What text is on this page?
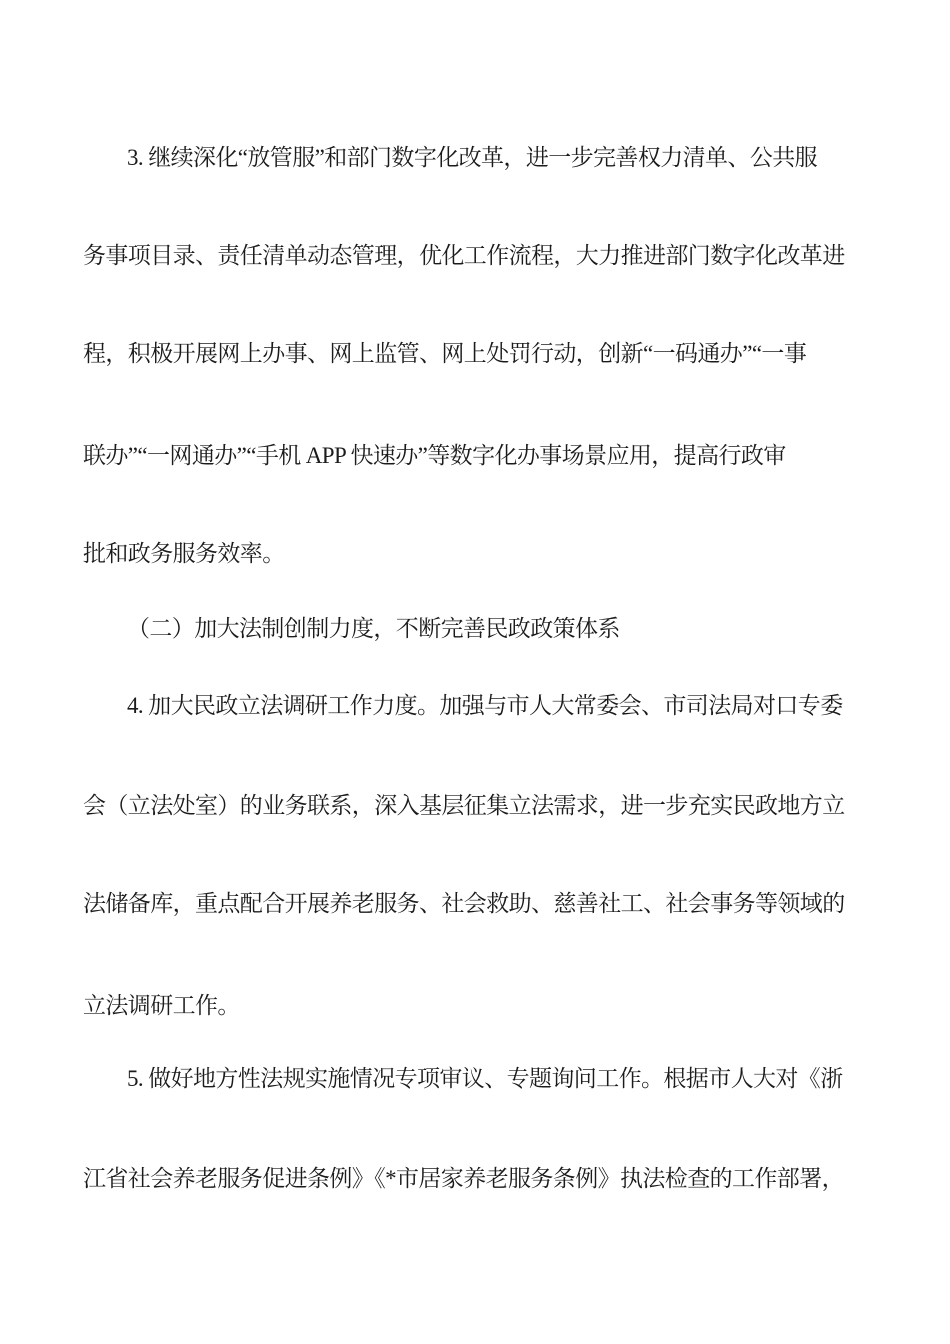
3. 继续深化“放管服”和部门数字化改革，进一步完善权力清单、公共服
务事项目录、责任清单动态管理，优化工作流程，大力推进部门数字化改革进
程，积极开展网上办事、网上监管、网上处罚行动，创新“一码通办”“一事
联办”“一网通办”“手机 APP 快速办”等数字化办事场景应用，提高行政审
批和政务服务效率。
（二）加大法制创制力度，不断完善民政政策体系
4. 加大民政立法调研工作力度。加强与市人大常委会、市司法局对口专委
会（立法处室）的业务联系，深入基层征集立法需求，进一步充实民政地方立
法储备库，重点配合开展养老服务、社会救助、慈善社工、社会事务等领域的
立法调研工作。
5. 做好地方性法规实施情况专项审议、专题询问工作。根据市人大对《浙
江省社会养老服务促进条例》《*市居家养老服务条例》执法检查的工作部署，
